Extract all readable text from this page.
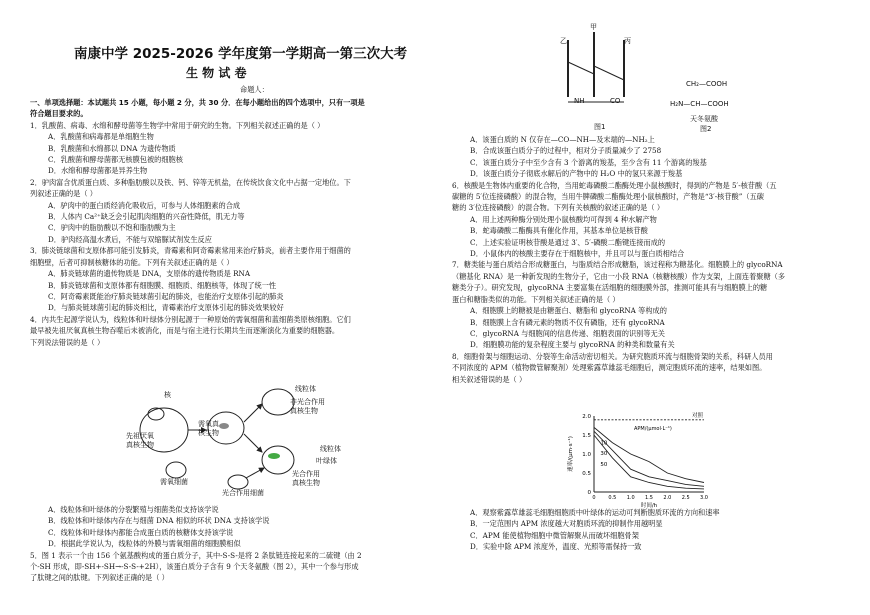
南康中学 2025-2026 学年度第一学期高一第三次大考
生 物 试 卷
命题人：
一、单项选择题：本试题共 15 小题，每小题 2 分，共 30 分．在每小题给出的四个选项中，只有一项是
符合题目要求的。
1．乳酸菌、病毒、水绵和酵母菌等生物学中常用于研究的生物。下列相关叙述正确的是（ ）
A．乳酸菌和病毒都是单细胞生物
B．乳酸菌和水绵都以 DNA 为遗传物质
C．乳酸菌和酵母菌都无核膜包被的细胞核
D．水绵和酵母菌都是异养生物
2．驴肉富含优质蛋白质、多种脂肪酸以及铁、钙、锌等无机盐，在传统饮食文化中占据一定地位。下
列叙述正确的是（ ）
A．驴肉中的蛋白质经消化吸收后，可参与人体细胞素的合成
B．人体内 Ca²⁺缺乏会引起肌肉细胞的兴奋性降低，肌无力等
C．驴肉中的脂肪酸以不饱和脂肪酸为主
D．驴肉经高温水煮后，不能与双缩脲试剂发生反应
3．肺炎链球菌和支原体都可能引发肺炎，青霉素和阿奇霉素常用来治疗肺炎，前者主要作用于细菌的
细胞壁，后者可抑制核糖体的功能。下列有关叙述正确的是（ ）
A．肺炎链球菌的遗传物质是 DNA，支原体的遗传物质是 RNA
B．肺炎链球菌和支原体都有细胞膜、细胞质、细胞核等，体现了统一性
C．阿奇霉素既能治疗肺炎链球菌引起的肺炎，也能治疗支原体引起的肺炎
D．与肺炎链球菌引起的肺炎相比，青霉素治疗支原体引起的肺炎效果较好
4．内共生起源学说认为，线粒体和叶绿体分别起源于一种原始的需氧细菌和蓝细菌类原核细胞。它们
最早被先祖厌氧真核生物吞噬后未被消化，而是与宿主进行长期共生而逐渐演化为重要的细胞器。
下列说法错误的是（ ）
核
先祖厌氧
真核生物
需氧细菌
需氧真
核生物
光合作用细菌
线粒体
非光合作用
真核生物
线粒体
叶绿体
光合作用
真核生物
A．线粒体和叶绿体的分裂繁殖与细菌类似支持该学说
B．线粒体和叶绿体内存在与细菌 DNA 相似的环状 DNA 支持该学说
C．线粒体和叶绿体内都能合成蛋白质的核糖体支持该学说
D．根据此学说认为，线粒体的外膜与需氧细菌的细胞膜相似
5．图 1 表示一个由 156 个氨基酸构成的蛋白质分子，其中-S-S-是将 2 条肽链连接起来的二硫键（由 2
个-SH 形成，即-SH+-SH→-S-S-+2H），该蛋白质分子含有 9 个天冬氨酸（图 2），其中一个参与形成
了肽键之间的肽键。下列叙述正确的是（ ）
甲
乙	丙
NH	CO
图1
CH₂—COOH
H₂N—CH—COOH
天冬氨酸
图2
A．该蛋白质的 N 仅存在—CO—NH—及末端的—NH₂上
B．合成该蛋白质分子的过程中，相对分子质量减少了 2758
C．该蛋白质分子中至少含有 3 个游离的羧基，至少含有 11 个游离的羧基
D．该蛋白质分子彻底水解后的产物中的 H₂O 中的氢只来源于羧基
6．核酸是生物体内重要的化合物，当用蛇毒磷酸二酯酶处理小鼠核酸时，得到的产物是 5′-核苷酸（五
碳糖的 5′位连接磷酸）的混合物，当用牛脾磷酸二酯酶处理小鼠核酸时，产物是“3′-核苷酸”（五碳
糖的 3′位连接磷酸）的混合物。下列有关核酸的叙述正确的是（ ）
A．用上述两种酶分别处理小鼠核酸均可得到 4 种水解产物
B．蛇毒磷酸二酯酶具有催化作用，其基本单位是核苷酸
C．上述实验证明核苷酸是通过 3′、5′-磷酸二酯键连接而成的
D．小鼠体内的核酸主要存在于细胞核中，并且可以与蛋白质相结合
7．糖类能与蛋白质结合形成糖蛋白，与脂质结合形成糖脂，该过程称为糖基化。细胞膜上的 glycoRNA
（糖基化 RNA）是一种新发现的生物分子，它由一小段 RNA（核糖核酸）作为支架，上面连着聚糖（多
糖类分子）。研究发现，glycoRNA 主要富集在活细胞的细胞膜外部，推测可能具有与细胞膜上的糖
蛋白和糖脂类似的功能。下列相关叙述正确的是（ ）
A．细胞膜上的糖被是由糖蛋白、糖脂和 glycoRNA 等构成的
B．细胞膜上含有磷元素的物质不仅有磷脂，还有 glycoRNA
C．glycoRNA 与细胞间的信息传递、细胞表面的识别等无关
D．细胞膜功能的复杂程度主要与 glycoRNA 的种类和数量有关
8．细胞骨架与细胞运动、分裂等生命活动密切相关。为研究胞质环流与细胞骨架的关系，科研人员用
不同浓度的 APM（植物微管解聚剂）处理紫露草雄蕊毛细胞后，测定胞质环流的速率，结果如图。
相关叙述错误的是（ ）
0
0.5
1.0
1.5
2.0
0	0.5 1.0 1.5 2.0 2.5 3.0
时间/h
速率/(μm·s⁻¹)
APM/(μmol·L⁻¹)
对照
10
30
50
A．观察紫露草雄蕊毛细胞细胞质中叶绿体的运动可判断胞质环流的方向和速率
B．一定范围内 APM 浓度越大对胞质环流的抑制作用越明显
C．APM 能使植物细胞中微管解聚从而破坏细胞骨架
D．实验中除 APM 浓度外，温度、光照等需保持一致
